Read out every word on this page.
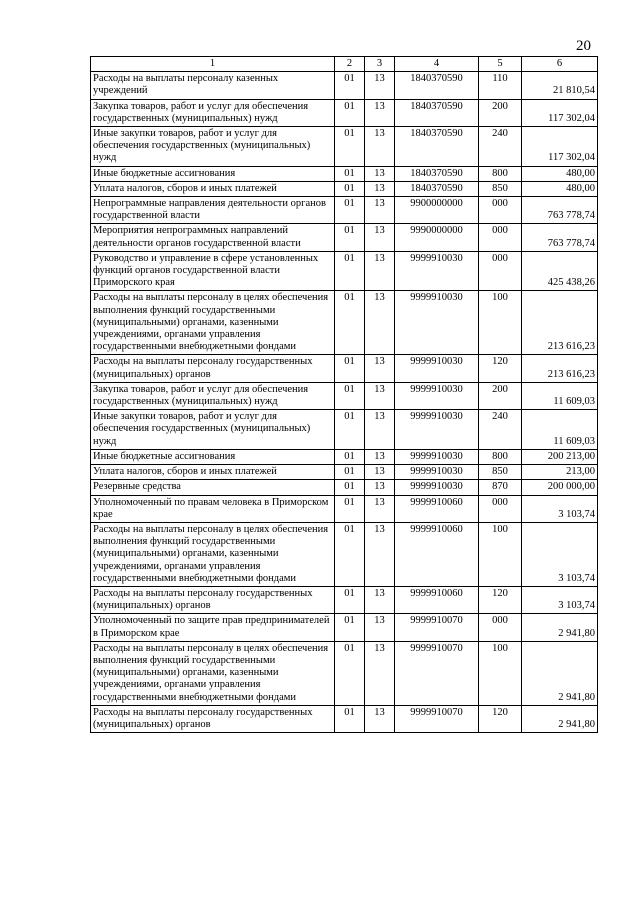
20
1	2	3	4	5	6
Расходы на выплаты персоналу казенных учреждений	01	13	1840370590	110	21 810,54
Закупка товаров, работ и услуг для обеспечения государственных (муниципальных) нужд	01	13	1840370590	200	117 302,04
Иные закупки товаров, работ и услуг для обеспечения государственных (муниципальных) нужд	01	13	1840370590	240	117 302,04
Иные бюджетные ассигнования	01	13	1840370590	800	480,00
Уплата налогов, сборов и иных платежей	01	13	1840370590	850	480,00
Непрограммные направления деятельности органов государственной власти	01	13	9900000000	000	763 778,74
Мероприятия непрограммных направлений деятельности органов государственной власти	01	13	9990000000	000	763 778,74
Руководство и управление в сфере установленных функций органов государственной власти Приморского края	01	13	9999910030	000	425 438,26
Расходы на выплаты персоналу в целях обеспечения выполнения функций государственными (муниципальными) органами, казенными учреждениями, органами управления государственными внебюджетными фондами	01	13	9999910030	100	213 616,23
Расходы на выплаты персоналу государственных (муниципальных) органов	01	13	9999910030	120	213 616,23
Закупка товаров, работ и услуг для обеспечения государственных (муниципальных) нужд	01	13	9999910030	200	11 609,03
Иные закупки товаров, работ и услуг для обеспечения государственных (муниципальных) нужд	01	13	9999910030	240	11 609,03
Иные бюджетные ассигнования	01	13	9999910030	800	200 213,00
Уплата налогов, сборов и иных платежей	01	13	9999910030	850	213,00
Резервные средства	01	13	9999910030	870	200 000,00
Уполномоченный по правам человека в Приморском крае	01	13	9999910060	000	3 103,74
Расходы на выплаты персоналу в целях обеспечения выполнения функций государственными (муниципальными) органами, казенными учреждениями, органами управления государственными внебюджетными фондами	01	13	9999910060	100	3 103,74
Расходы на выплаты персоналу государственных (муниципальных) органов	01	13	9999910060	120	3 103,74
Уполномоченный по защите прав предпринимателей в Приморском крае	01	13	9999910070	000	2 941,80
Расходы на выплаты персоналу в целях обеспечения выполнения функций государственными (муниципальными) органами, казенными учреждениями, органами управления государственными внебюджетными фондами	01	13	9999910070	100	2 941,80
Расходы на выплаты персоналу государственных (муниципальных) органов	01	13	9999910070	120	2 941,80
